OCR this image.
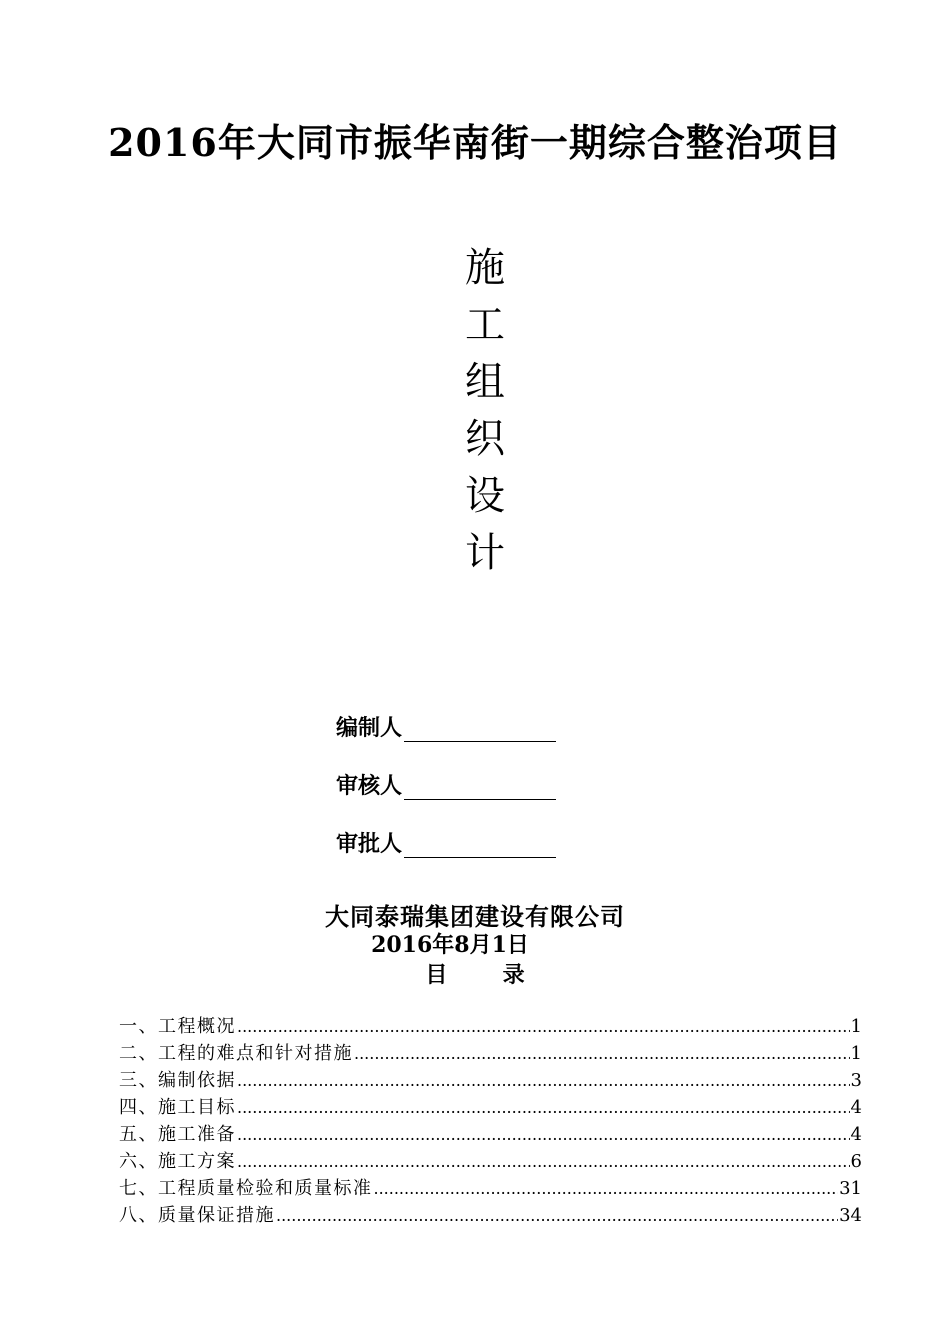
2016年大同市振华南街一期综合整治项目
施
工
组
织
设
计
编制人
审核人
审批人
大同泰瑞集团建设有限公司
2016年8月1日
目  录
一、工程概况 .....	1
二、工程的难点和针对措施 .....	1
三、编制依据 .....	3
四、施工目标 .....	4
五、施工准备 .....	4
六、施工方案 .....	6
七、工程质量检验和质量标准 .....	31
八、质量保证措施 .....	34
